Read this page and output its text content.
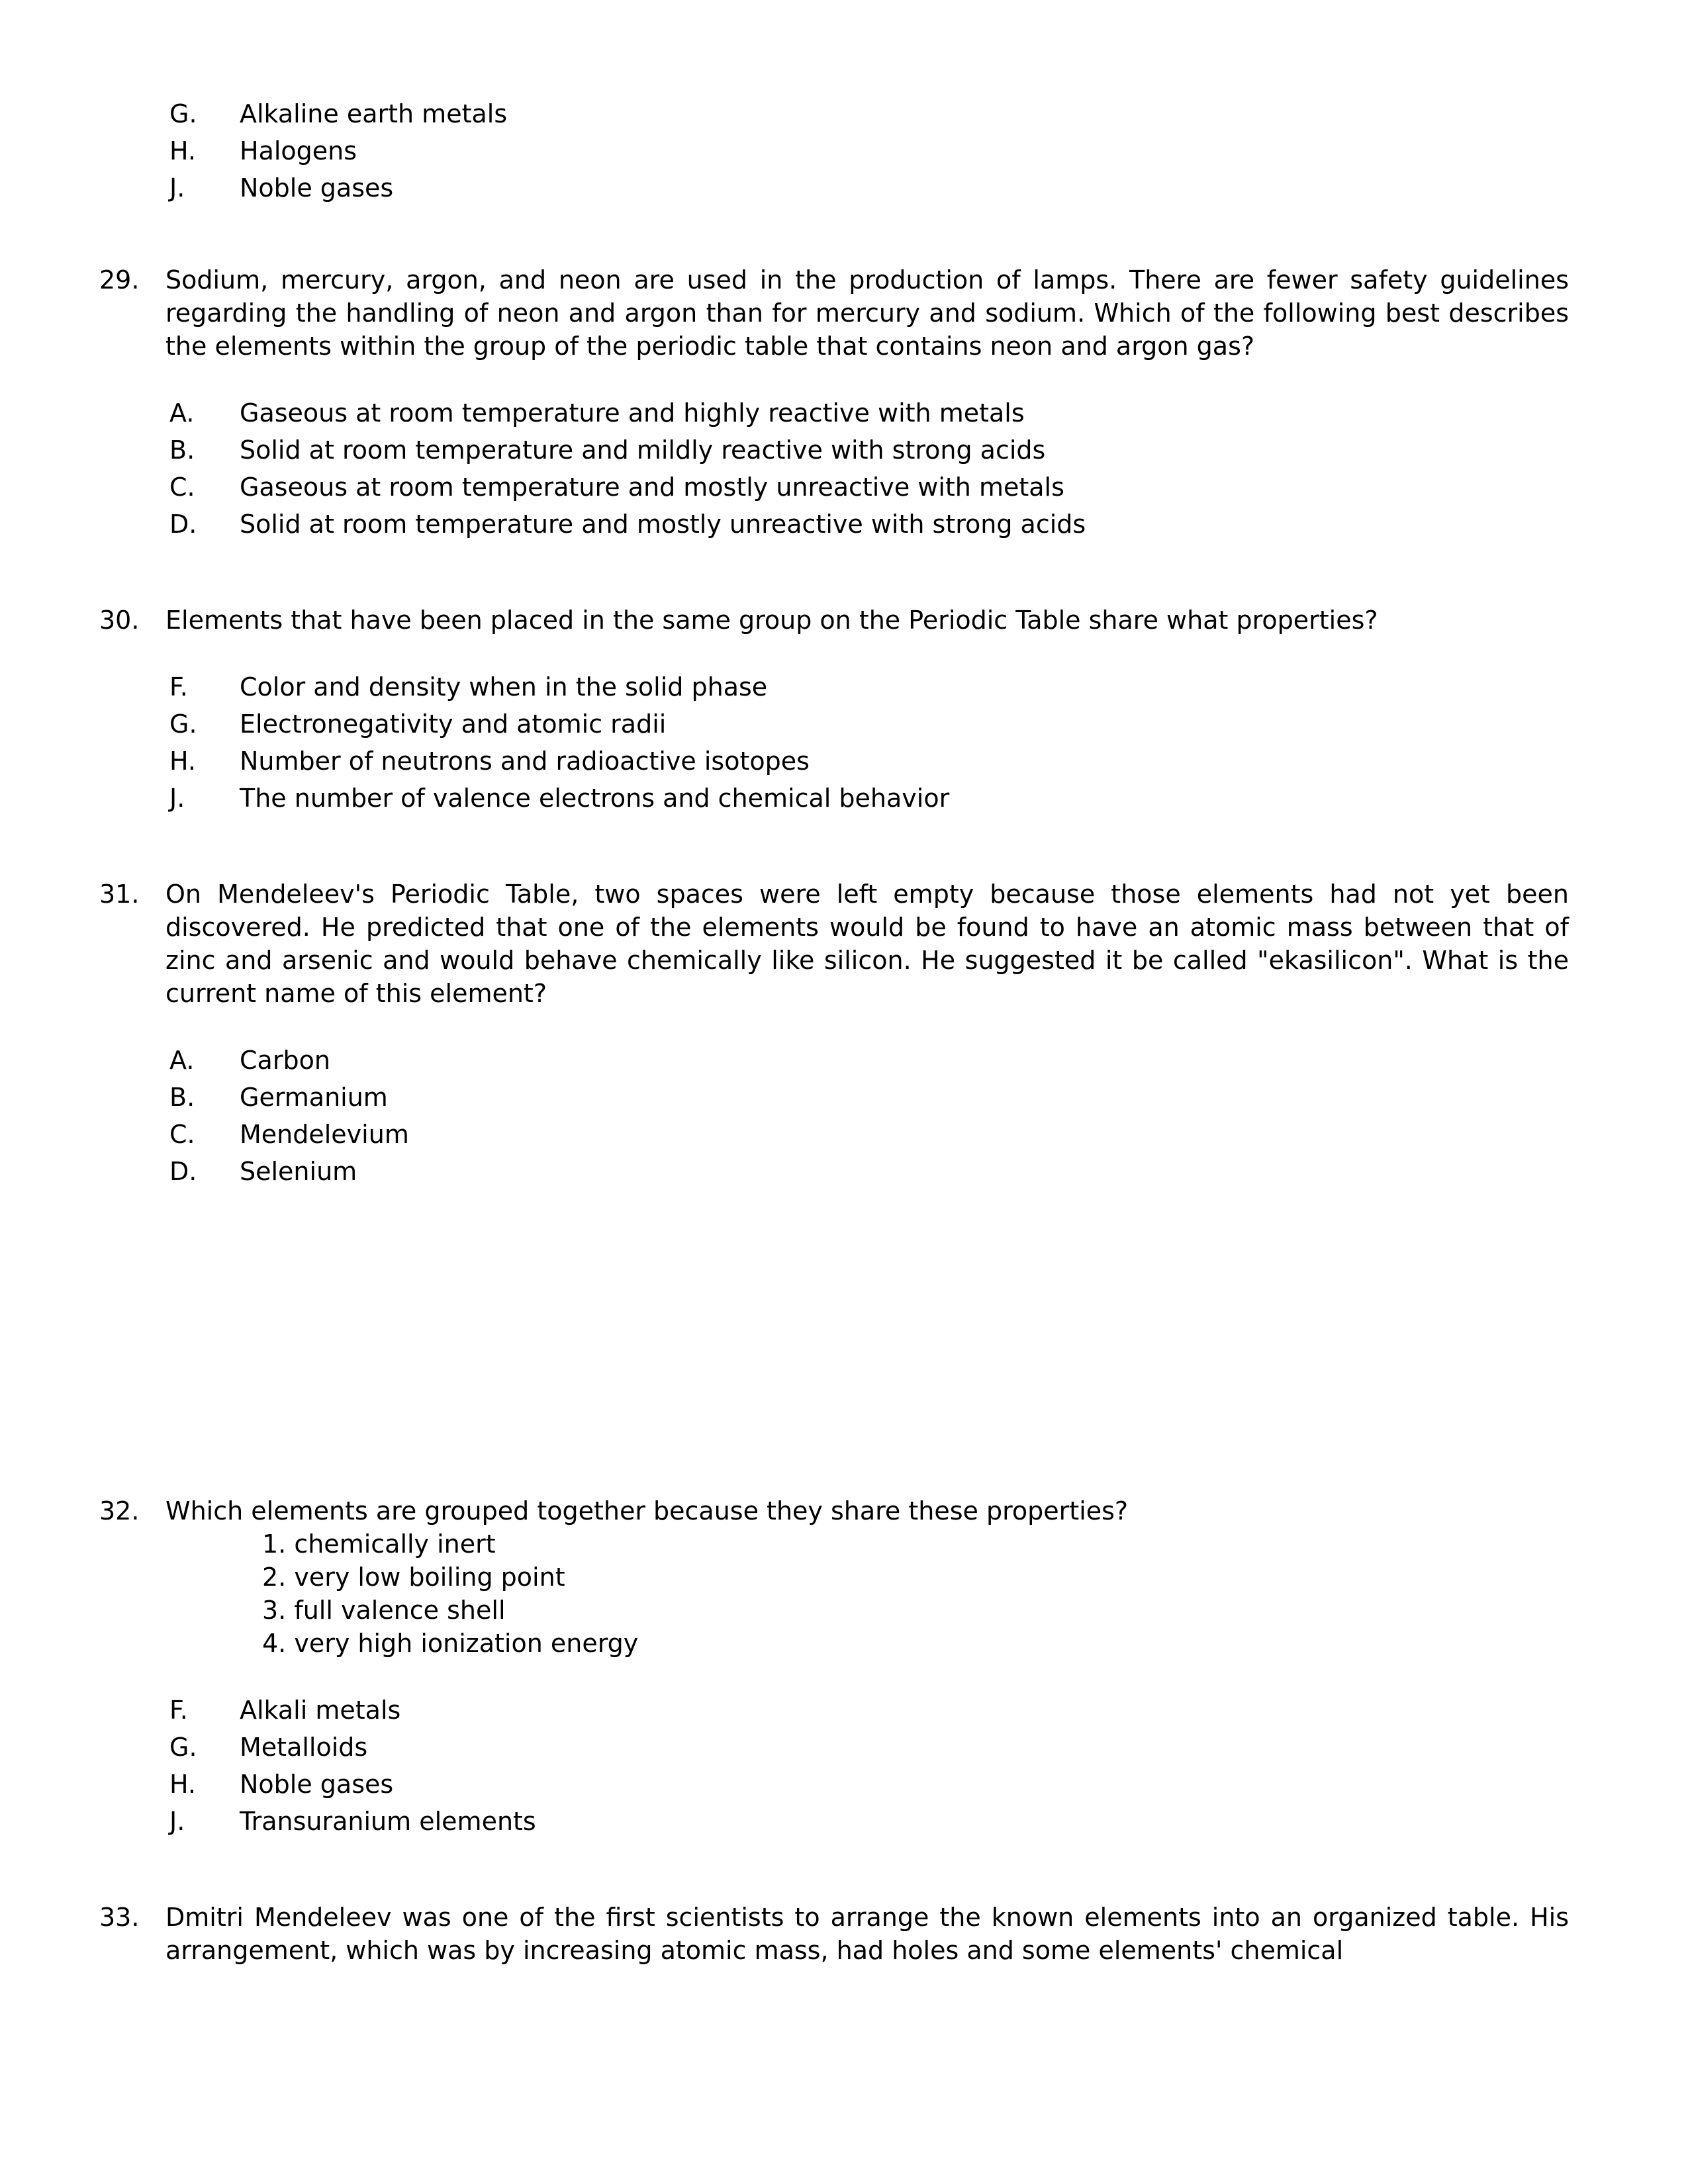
G.	Alkaline earth metals
H.	Halogens
J.	Noble gases
29.	Sodium, mercury, argon, and neon are used in the production of lamps. There are fewer safety guidelines regarding the handling of neon and argon than for mercury and sodium. Which of the following best describes the elements within the group of the periodic table that contains neon and argon gas?

A.	Gaseous at room temperature and highly reactive with metals
B.	Solid at room temperature and mildly reactive with strong acids
C.	Gaseous at room temperature and mostly unreactive with metals
D.	Solid at room temperature and mostly unreactive with strong acids
30.	Elements that have been placed in the same group on the Periodic Table share what properties?

F.	Color and density when in the solid phase
G.	Electronegativity and atomic radii
H.	Number of neutrons and radioactive isotopes
J.	The number of valence electrons and chemical behavior
31.	On Mendeleev's Periodic Table, two spaces were left empty because those elements had not yet been discovered. He predicted that one of the elements would be found to have an atomic mass between that of zinc and arsenic and would behave chemically like silicon. He suggested it be called "ekasilicon". What is the current name of this element?

A.	Carbon
B.	Germanium
C.	Mendelevium
D.	Selenium
32.	Which elements are grouped together because they share these properties?

1. chemically inert
2. very low boiling point
3. full valence shell
4. very high ionization energy
F.	Alkali metals
G.	Metalloids
H.	Noble gases
J.	Transuranium elements
33.	Dmitri Mendeleev was one of the first scientists to arrange the known elements into an organized table. His arrangement, which was by increasing atomic mass, had holes and some elements' chemical
